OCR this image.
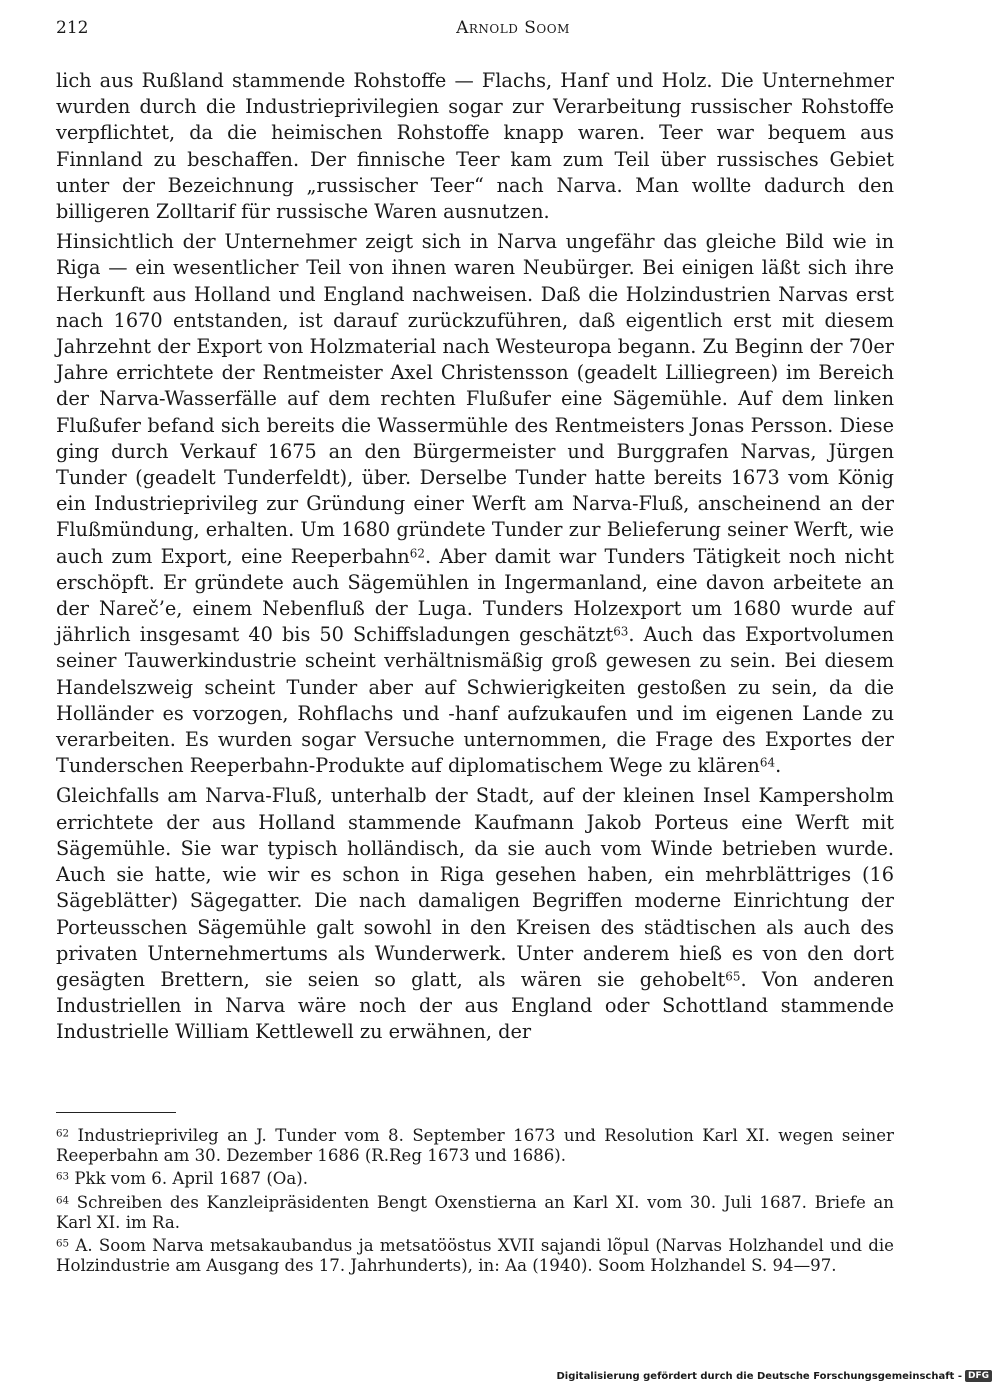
212	Arnold Soom

lich aus Rußland stammende Rohstoffe — Flachs, Hanf und Holz. Die Unternehmer wurden durch die Industrieprivilegien sogar zur Verarbeitung russischer Rohstoffe verpflichtet, da die heimischen Rohstoffe knapp waren. Teer war bequem aus Finnland zu beschaffen. Der finnische Teer kam zum Teil über russisches Gebiet unter der Bezeichnung „russischer Teer“ nach Narva. Man wollte dadurch den billigeren Zolltarif für russische Waren ausnutzen.

Hinsichtlich der Unternehmer zeigt sich in Narva ungefähr das gleiche Bild wie in Riga — ein wesentlicher Teil von ihnen waren Neubürger. Bei einigen läßt sich ihre Herkunft aus Holland und England nachweisen. Daß die Holzindustrien Narvas erst nach 1670 entstanden, ist darauf zurückzuführen, daß eigentlich erst mit diesem Jahrzehnt der Export von Holzmaterial nach Westeuropa begann. Zu Beginn der 70er Jahre errichtete der Rentmeister Axel Christensson (geadelt Lilliegreen) im Bereich der Narva-Wasserfälle auf dem rechten Flußufer eine Sägemühle. Auf dem linken Flußufer befand sich bereits die Wassermühle des Rentmeisters Jonas Persson. Diese ging durch Verkauf 1675 an den Bürgermeister und Burggrafen Narvas, Jürgen Tunder (geadelt Tunderfeldt), über. Derselbe Tunder hatte bereits 1673 vom König ein Industrieprivileg zur Gründung einer Werft am Narva-Fluß, anscheinend an der Flußmündung, erhalten. Um 1680 gründete Tunder zur Belieferung seiner Werft, wie auch zum Export, eine Reeperbahn$^{62}$. Aber damit war Tunders Tätigkeit noch nicht erschöpft. Er gründete auch Sägemühlen in Ingermanland, eine davon arbeitete an der Nareč’e, einem Nebenfluß der Luga. Tunders Holzexport um 1680 wurde auf jährlich insgesamt 40 bis 50 Schiffsladungen geschätzt$^{63}$. Auch das Exportvolumen seiner Tauwerkindustrie scheint verhältnismäßig groß gewesen zu sein. Bei diesem Handelszweig scheint Tunder aber auf Schwierigkeiten gestoßen zu sein, da die Holländer es vorzogen, Rohflachs und -hanf aufzukaufen und im eigenen Lande zu verarbeiten. Es wurden sogar Versuche unternommen, die Frage des Exportes der Tunderschen Reeperbahn-Produkte auf diplomatischem Wege zu klären$^{64}$.

Gleichfalls am Narva-Fluß, unterhalb der Stadt, auf der kleinen Insel Kampersholm errichtete der aus Holland stammende Kaufmann Jakob Porteus eine Werft mit Sägemühle. Sie war typisch holländisch, da sie auch vom Winde betrieben wurde. Auch sie hatte, wie wir es schon in Riga gesehen haben, ein mehrblättriges (16 Sägeblätter) Sägegatter. Die nach damaligen Begriffen moderne Einrichtung der Porteusschen Sägemühle galt sowohl in den Kreisen des städtischen als auch des privaten Unternehmertums als Wunderwerk. Unter anderem hieß es von den dort gesägten Brettern, sie seien so glatt, als wären sie gehobelt$^{65}$. Von anderen Industriellen in Narva wäre noch der aus England oder Schottland stammende Industrielle William Kettlewell zu erwähnen, der

$^{62}$ Industrieprivileg an J. Tunder vom 8. September 1673 und Resolution Karl XI. wegen seiner Reeperbahn am 30. Dezember 1686 (R.Reg 1673 und 1686).

$^{63}$ Pkk vom 6. April 1687 (Oa).

$^{64}$ Schreiben des Kanzleipräsidenten Bengt Oxenstierna an Karl XI. vom 30. Juli 1687. Briefe an Karl XI. im Ra.

$^{65}$ A. Soom Narva metsakaubandus ja metsatööstus XVII sajandi lõpul (Narvas Holzhandel und die Holzindustrie am Ausgang des 17. Jahrhunderts), in: Aa (1940). Soom Holzhandel S. 94—97.

Digitalisierung gefördert durch die Deutsche Forschungsgemeinschaft - DFG
